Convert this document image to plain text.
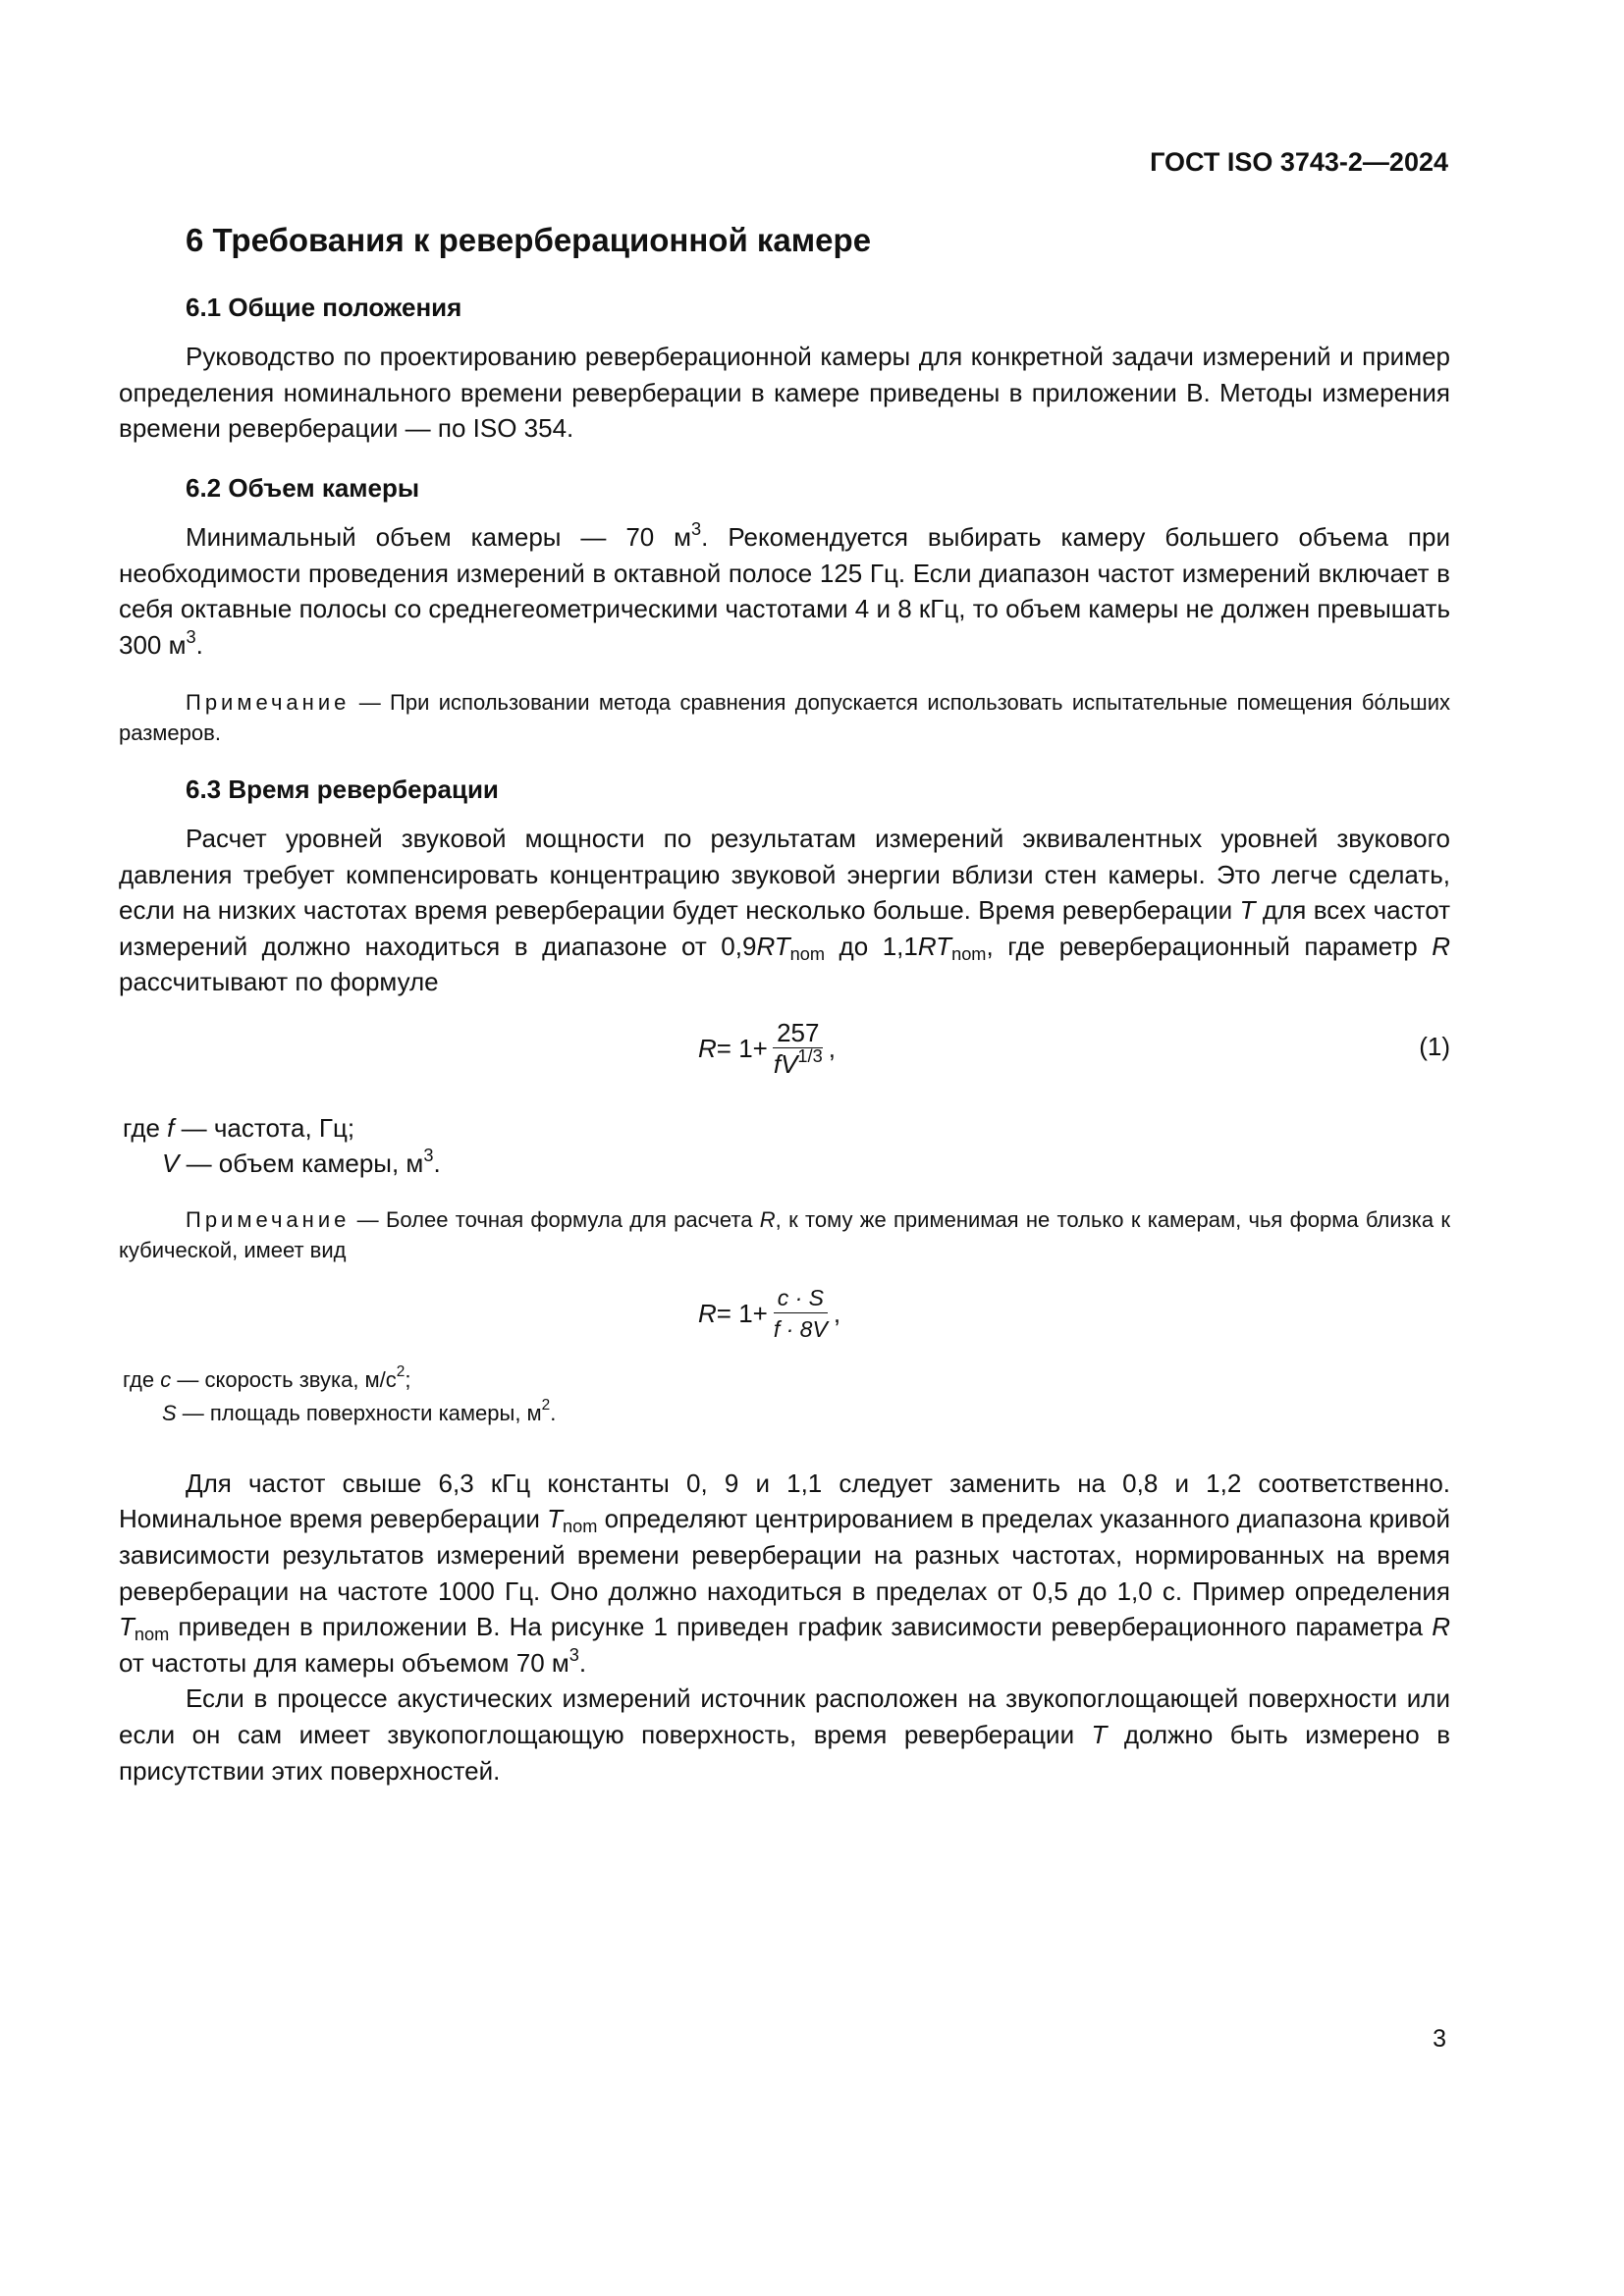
ГОСТ ISO 3743-2—2024
6 Требования к реверберационной камере
6.1 Общие положения

Руководство по проектированию реверберационной камеры для конкретной задачи измерений и пример определения номинального времени реверберации в камере приведены в приложении В. Методы измерения времени реверберации — по ISO 354.

6.2 Объем камеры

Минимальный объем камеры — 70 $м^3$. Рекомендуется выбирать камеру большего объема при необходимости проведения измерений в октавной полосе 125 Гц. Если диапазон частот измерений включает в себя октавные полосы со среднегеометрическими частотами 4 и 8 кГц, то объем камеры не должен превышать 300 $м^3$.

Примечание — При использовании метода сравнения допускается использовать испытательные помещения бо́льших размеров.

6.3 Время реверберации

Расчет уровней звуковой мощности по результатам измерений эквивалентных уровней звукового давления требует компенсировать концентрацию звуковой энергии вблизи стен камеры. Это легче сделать, если на низких частотах время реверберации будет несколько больше. Время реверберации T для всех частот измерений должно находиться в диапазоне от $0,9RT_{nom}$ до $1,1RT_{nom}$, где реверберационный параметр R рассчитывают по формуле

$R = 1+ \frac{257}{fV^{1/3}}$ ,	(1)
где f — частота, Гц;
V — объем камеры, $м^3$.

Примечание — Более точная формула для расчета R, к тому же применимая не только к камерам, чья форма близка к кубической, имеет вид

$R = 1+ \frac{c \cdot S}{f \cdot 8V}$ ,
где c — скорость звука, $м/с^2$;
S — площадь поверхности камеры, $м^2$.

Для частот свыше 6,3 кГц константы 0, 9 и 1,1 следует заменить на 0,8 и 1,2 соответственно. Номинальное время реверберации $T_{nom}$ определяют центрированием в пределах указанного диапазона кривой зависимости результатов измерений времени реверберации на разных частотах, нормированных на время реверберации на частоте 1000 Гц. Оно должно находиться в пределах от 0,5 до 1,0 с. Пример определения $T_{nom}$ приведен в приложении В. На рисунке 1 приведен график зависимости реверберационного параметра R от частоты для камеры объемом 70 $м^3$.

Если в процессе акустических измерений источник расположен на звукопоглощающей поверхности или если он сам имеет звукопоглощающую поверхность, время реверберации T должно быть измерено в присутствии этих поверхностей.

3
